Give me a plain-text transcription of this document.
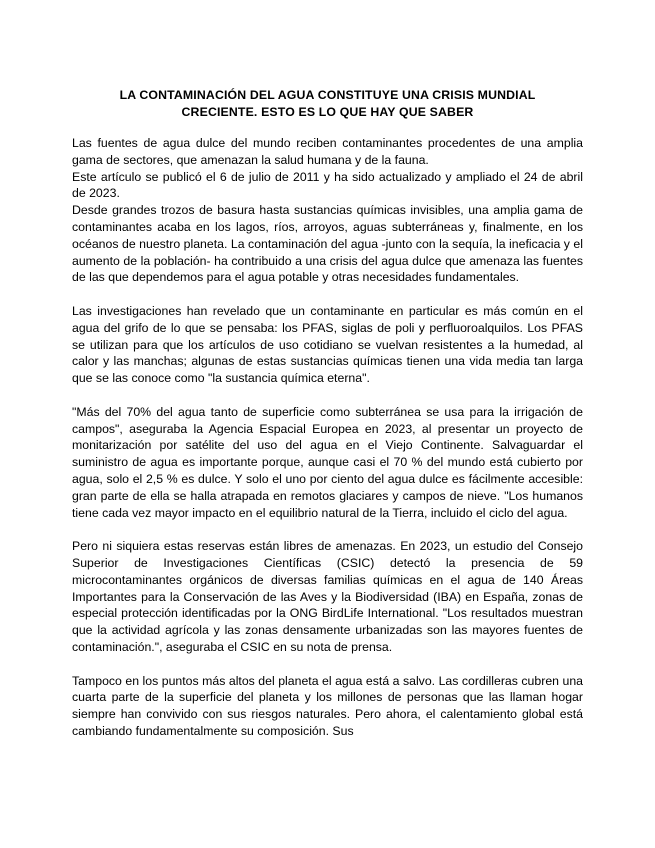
LA CONTAMINACIÓN DEL AGUA CONSTITUYE UNA CRISIS MUNDIAL
CRECIENTE. ESTO ES LO QUE HAY QUE SABER

Las fuentes de agua dulce del mundo reciben contaminantes procedentes de una amplia gama de sectores, que amenazan la salud humana y de la fauna.

Este artículo se publicó el 6 de julio de 2011 y ha sido actualizado y ampliado el 24 de abril de 2023.

Desde grandes trozos de basura hasta sustancias químicas invisibles, una amplia gama de contaminantes acaba en los lagos, ríos, arroyos, aguas subterráneas y, finalmente, en los océanos de nuestro planeta. La contaminación del agua -junto con la sequía, la ineficacia y el aumento de la población- ha contribuido a una crisis del agua dulce que amenaza las fuentes de las que dependemos para el agua potable y otras necesidades fundamentales.

Las investigaciones han revelado que un contaminante en particular es más común en el agua del grifo de lo que se pensaba: los PFAS, siglas de poli y perfluoroalquilos. Los PFAS se utilizan para que los artículos de uso cotidiano se vuelvan resistentes a la humedad, al calor y las manchas; algunas de estas sustancias químicas tienen una vida media tan larga que se las conoce como "la sustancia química eterna".

"Más del 70% del agua tanto de superficie como subterránea se usa para la irrigación de campos", aseguraba la Agencia Espacial Europea en 2023, al presentar un proyecto de monitarización por satélite del uso del agua en el Viejo Continente. Salvaguardar el suministro de agua es importante porque, aunque casi el 70 % del mundo está cubierto por agua, solo el 2,5 % es dulce. Y solo el uno por ciento del agua dulce es fácilmente accesible: gran parte de ella se halla atrapada en remotos glaciares y campos de nieve. "Los humanos tiene cada vez mayor impacto en el equilibrio natural de la Tierra, incluido el ciclo del agua.

Pero ni siquiera estas reservas están libres de amenazas. En 2023, un estudio del Consejo Superior de Investigaciones Científicas (CSIC) detectó la presencia de 59 microcontaminantes orgánicos de diversas familias químicas en el agua de 140 Áreas Importantes para la Conservación de las Aves y la Biodiversidad (IBA) en España, zonas de especial protección identificadas por la ONG BirdLife International. "Los resultados muestran que la actividad agrícola y las zonas densamente urbanizadas son las mayores fuentes de contaminación.", aseguraba el CSIC en su nota de prensa.

Tampoco en los puntos más altos del planeta el agua está a salvo. Las cordilleras cubren una cuarta parte de la superficie del planeta y los millones de personas que las llaman hogar siempre han convivido con sus riesgos naturales. Pero ahora, el calentamiento global está cambiando fundamentalmente su composición. Sus
